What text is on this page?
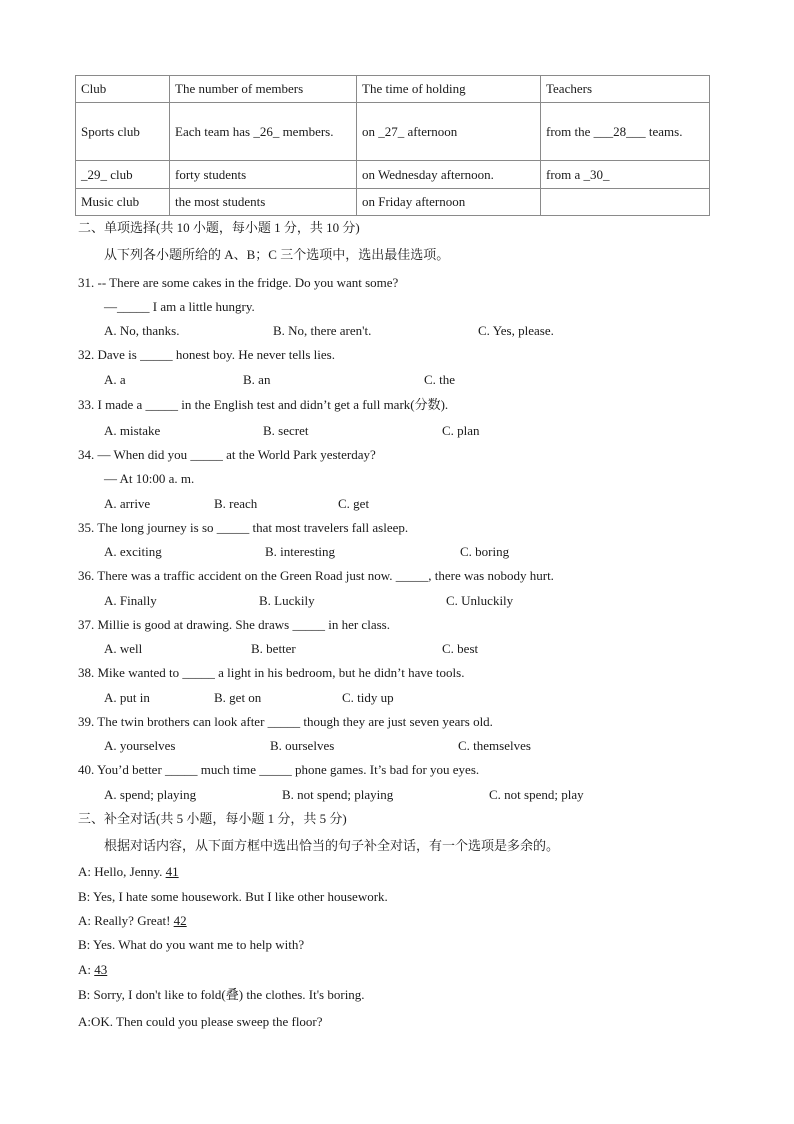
Club	The number of members	The time of holding	Teachers
Sports club	Each team has _26_ members.	on _27_ afternoon	from the ___28___ teams.
_29_ club	forty students	on Wednesday afternoon.	from a _30_
Music club	the most students	on Friday afternoon	
二、单项选择(共 10 小题，每小题 1 分，共 10 分)
从下列各小题所给的 A、B；C 三个选项中，选出最佳选项。
31. -- There are some cakes in the fridge. Do you want some?
—_____ I am a little hungry.
A. No, thanks.	B. No, there aren't.	C. Yes, please.
32. Dave is _____ honest boy. He never tells lies.
A. a	B. an	C. the
33. I made a _____ in the English test and didn’t get a full mark(分数).
A. mistake	B. secret	C. plan
34. — When did you _____ at the World Park yesterday?
— At 10:00 a. m.
A. arrive	B. reach	C. get
35. The long journey is so _____ that most travelers fall asleep.
A. exciting	B. interesting	C. boring
36. There was a traffic accident on the Green Road just now. _____, there was nobody hurt.
A. Finally	B. Luckily	C. Unluckily
37. Millie is good at drawing. She draws _____ in her class.
A. well	B. better	C. best
38. Mike wanted to _____ a light in his bedroom, but he didn’t have tools.
A. put in	B. get on	C. tidy up
39. The twin brothers can look after _____ though they are just seven years old.
A. yourselves	B. ourselves	C. themselves
40. You’d better _____ much time _____ phone games. It’s bad for you eyes.
A. spend; playing	B. not spend; playing	C. not spend; play
三、补全对话(共 5 小题，每小题 1 分，共 5 分)
根据对话内容，从下面方框中选出恰当的句子补全对话，有一个选项是多余的。
A: Hello, Jenny. 41
B: Yes, I hate some housework. But I like other housework.
A: Really? Great! 42
B: Yes. What do you want me to help with?
A: 43
B: Sorry, I don't like to fold(叠) the clothes. It's boring.
A:OK. Then could you please sweep the floor?
